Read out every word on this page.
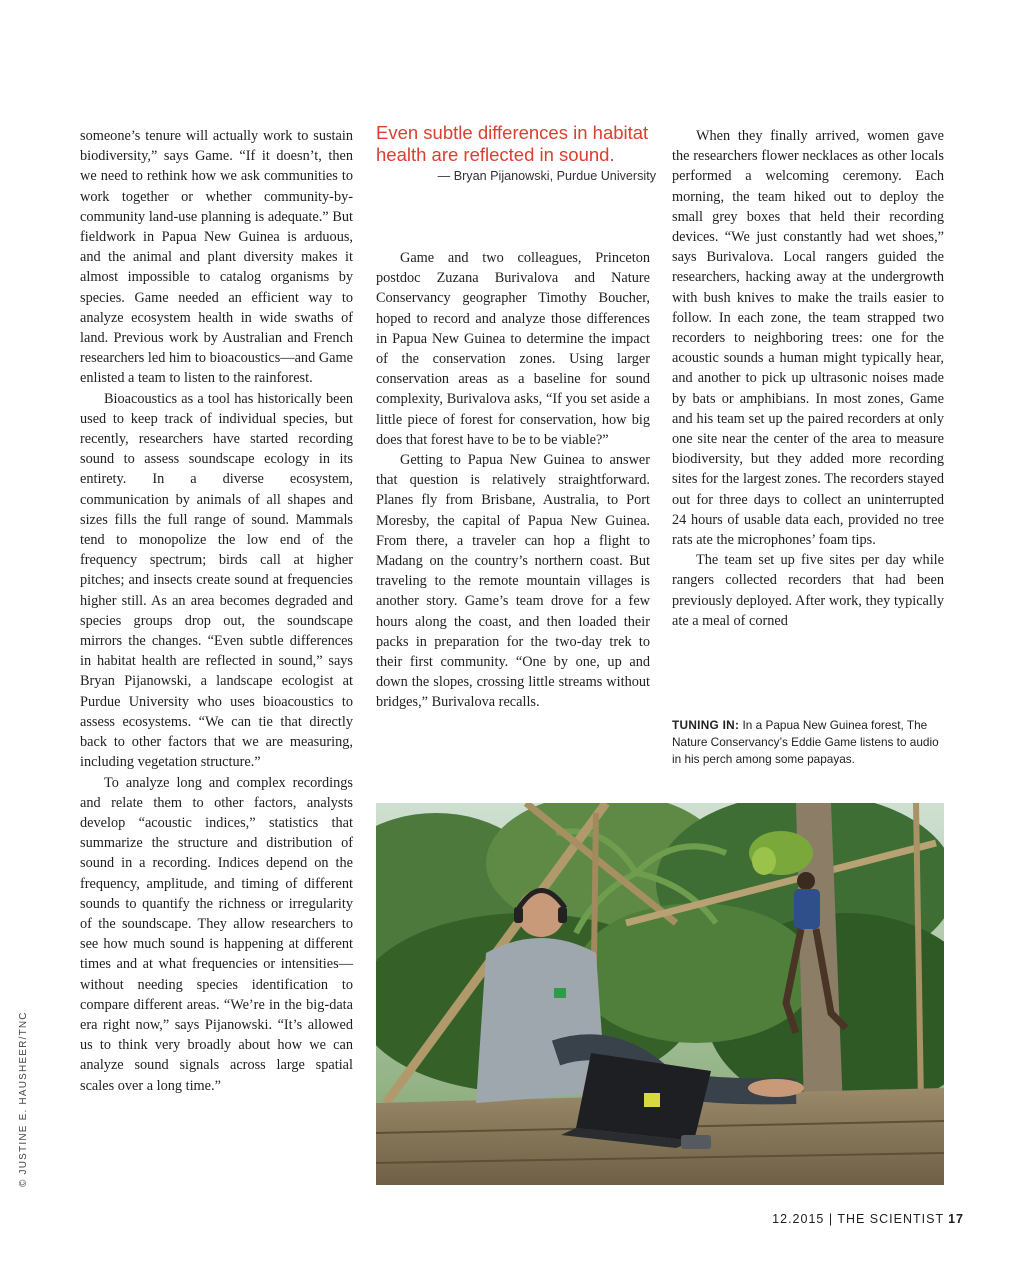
someone’s tenure will actually work to sustain biodiversity,” says Game. “If it doesn’t, then we need to rethink how we ask communities to work together or whether community-by-community land-use planning is adequate.” But fieldwork in Papua New Guinea is arduous, and the animal and plant diversity makes it almost impossible to catalog organisms by species. Game needed an efficient way to analyze ecosystem health in wide swaths of land. Previous work by Australian and French researchers led him to bioacoustics—and Game enlisted a team to listen to the rainforest.

Bioacoustics as a tool has historically been used to keep track of individual species, but recently, researchers have started recording sound to assess soundscape ecology in its entirety. In a diverse ecosystem, communication by animals of all shapes and sizes fills the full range of sound. Mammals tend to monopolize the low end of the frequency spectrum; birds call at higher pitches; and insects create sound at frequencies higher still. As an area becomes degraded and species groups drop out, the soundscape mirrors the changes. “Even subtle differences in habitat health are reflected in sound,” says Bryan Pijanowski, a landscape ecologist at Purdue University who uses bioacoustics to assess ecosystems. “We can tie that directly back to other factors that we are measuring, including vegetation structure.”

To analyze long and complex recordings and relate them to other factors, analysts develop “acoustic indices,” statistics that summarize the structure and distribution of sound in a recording. Indices depend on the frequency, amplitude, and timing of different sounds to quantify the richness or irregularity of the soundscape. They allow researchers to see how much sound is happening at different times and at what frequencies or intensities—without needing species identification to compare different areas. “We’re in the big-data era right now,” says Pijanowski. “It’s allowed us to think very broadly about how we can analyze sound signals across large spatial scales over a long time.”

Even subtle differences in habitat health are reflected in sound.

— Bryan Pijanowski, Purdue University

Game and two colleagues, Princeton postdoc Zuzana Burivalova and Nature Conservancy geographer Timothy Boucher, hoped to record and analyze those differences in Papua New Guinea to determine the impact of the conservation zones. Using larger conservation areas as a baseline for sound complexity, Burivalova asks, “If you set aside a little piece of forest for conservation, how big does that forest have to be to be viable?”

Getting to Papua New Guinea to answer that question is relatively straightforward. Planes fly from Brisbane, Australia, to Port Moresby, the capital of Papua New Guinea. From there, a traveler can hop a flight to Madang on the country’s northern coast. But traveling to the remote mountain villages is another story. Game’s team drove for a few hours along the coast, and then loaded their packs in preparation for the two-day trek to their first community. “One by one, up and down the slopes, crossing little streams without bridges,” Burivalova recalls.

When they finally arrived, women gave the researchers flower necklaces as other locals performed a welcoming ceremony. Each morning, the team hiked out to deploy the small grey boxes that held their recording devices. “We just constantly had wet shoes,” says Burivalova. Local rangers guided the researchers, hacking away at the undergrowth with bush knives to make the trails easier to follow. In each zone, the team strapped two recorders to neighboring trees: one for the acoustic sounds a human might typically hear, and another to pick up ultrasonic noises made by bats or amphibians. In most zones, Game and his team set up the paired recorders at only one site near the center of the area to measure biodiversity, but they added more recording sites for the largest zones. The recorders stayed out for three days to collect an uninterrupted 24 hours of usable data each, provided no tree rats ate the microphones’ foam tips.

The team set up five sites per day while rangers collected recorders that had been previously deployed. After work, they typically ate a meal of corned

TUNING IN: In a Papua New Guinea forest, The Nature Conservancy’s Eddie Game listens to audio in his perch among some papayas.

© JUSTINE E. HAUSHEER/TNC
12.2015 | THE SCIENTIST 17
